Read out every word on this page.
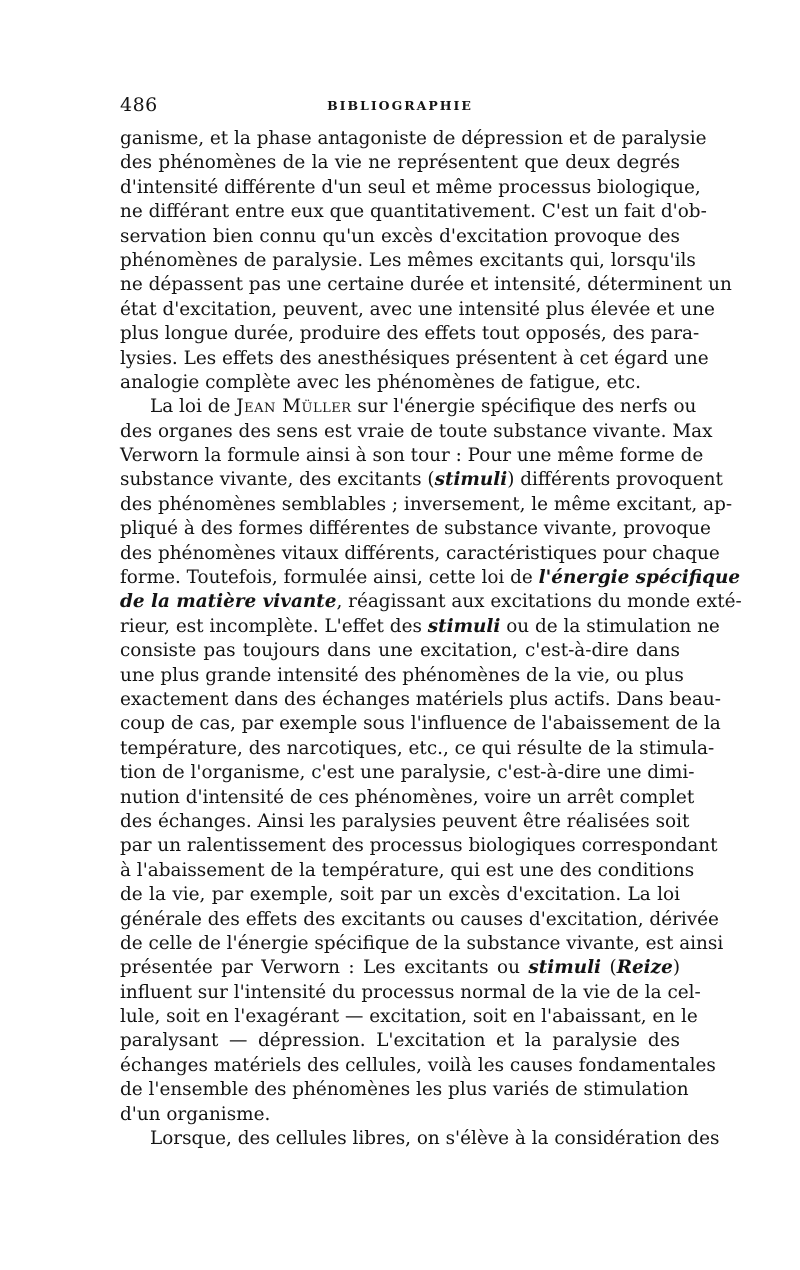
486	BIBLIOGRAPHIE
ganisme, et la phase antagoniste de dépression et de paralysie
des phénomènes de la vie ne représentent que deux degrés
d'intensité différente d'un seul et même processus biologique,
ne différant entre eux que quantitativement. C'est un fait d'ob-
servation bien connu qu'un excès d'excitation provoque des
phénomènes de paralysie. Les mêmes excitants qui, lorsqu'ils
ne dépassent pas une certaine durée et intensité, déterminent un
état d'excitation, peuvent, avec une intensité plus élevée et une
plus longue durée, produire des effets tout opposés, des para-
lysies. Les effets des anesthésiques présentent à cet égard une
analogie complète avec les phénomènes de fatigue, etc.
La loi de Jean Müller sur l'énergie spécifique des nerfs ou
des organes des sens est vraie de toute substance vivante. Max
Verworn la formule ainsi à son tour : Pour une même forme de
substance vivante, des excitants (stimuli) différents provoquent
des phénomènes semblables ; inversement, le même excitant, ap-
pliqué à des formes différentes de substance vivante, provoque
des phénomènes vitaux différents, caractéristiques pour chaque
forme. Toutefois, formulée ainsi, cette loi de l'énergie spécifique
de la matière vivante, réagissant aux excitations du monde exté-
rieur, est incomplète. L'effet des stimuli ou de la stimulation ne
consiste pas toujours dans une excitation, c'est-à-dire dans
une plus grande intensité des phénomènes de la vie, ou plus
exactement dans des échanges matériels plus actifs. Dans beau-
coup de cas, par exemple sous l'influence de l'abaissement de la
température, des narcotiques, etc., ce qui résulte de la stimula-
tion de l'organisme, c'est une paralysie, c'est-à-dire une dimi-
nution d'intensité de ces phénomènes, voire un arrêt complet
des échanges. Ainsi les paralysies peuvent être réalisées soit
par un ralentissement des processus biologiques correspondant
à l'abaissement de la température, qui est une des conditions
de la vie, par exemple, soit par un excès d'excitation. La loi
générale des effets des excitants ou causes d'excitation, dérivée
de celle de l'énergie spécifique de la substance vivante, est ainsi
présentée par Verworn : Les excitants ou stimuli (Reize)
influent sur l'intensité du processus normal de la vie de la cel-
lule, soit en l'exagérant — excitation, soit en l'abaissant, en le
paralysant — dépression. L'excitation et la paralysie des
échanges matériels des cellules, voilà les causes fondamentales
de l'ensemble des phénomènes les plus variés de stimulation
d'un organisme.
Lorsque, des cellules libres, on s'élève à la considération des
